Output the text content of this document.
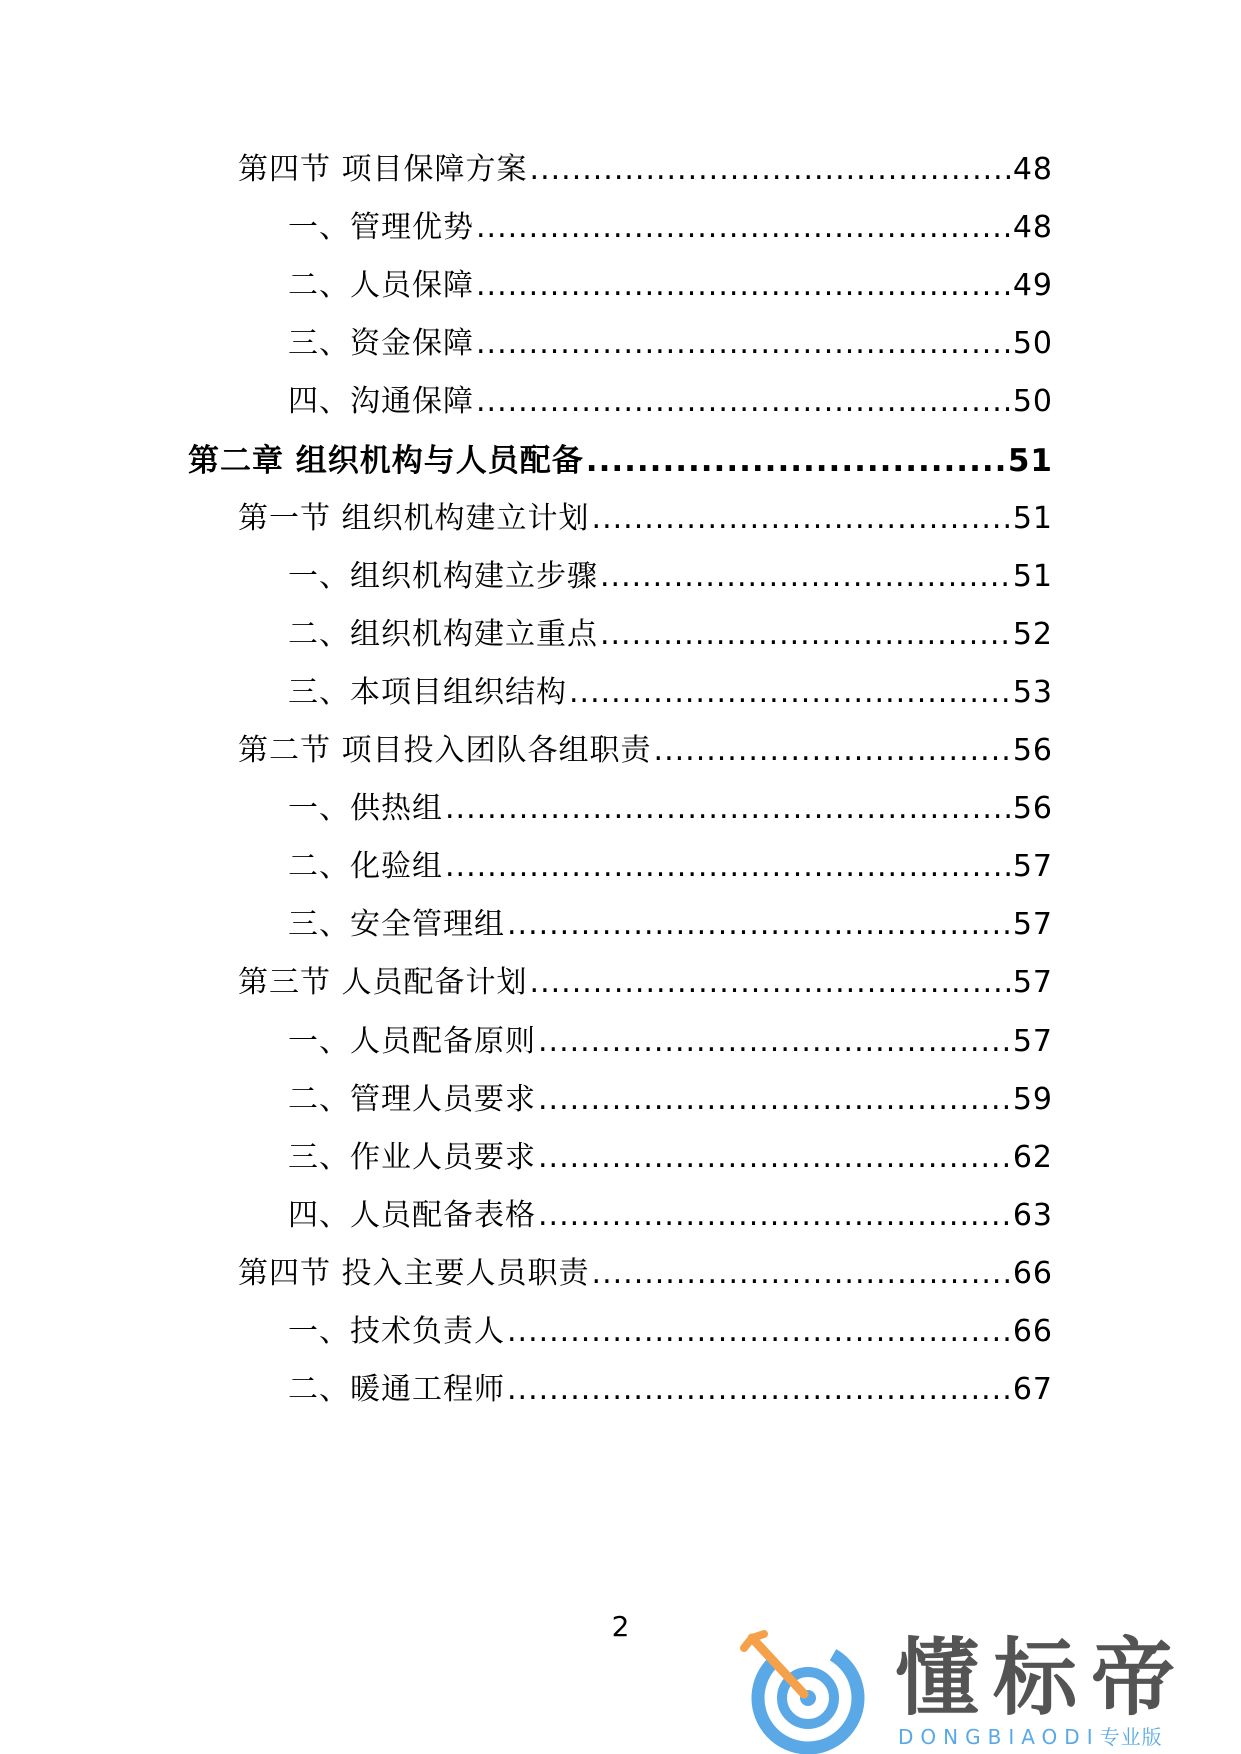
第四节 项目保障方案 .....	48
一、管理优势 .....	48
二、人员保障 .....	49
三、资金保障 .....	50
四、沟通保障 .....	50
第二章 组织机构与人员配备 .....	51
第一节 组织机构建立计划 .....	51
一、组织机构建立步骤 .....	51
二、组织机构建立重点 .....	52
三、本项目组织结构 .....	53
第二节 项目投入团队各组职责 .....	56
一、供热组 .....	56
二、化验组 .....	57
三、安全管理组 .....	57
第三节 人员配备计划 .....	57
一、人员配备原则 .....	57
二、管理人员要求 .....	59
三、作业人员要求 .....	62
四、人员配备表格 .....	63
第四节 投入主要人员职责 .....	66
一、技术负责人 .....	66
二、暖通工程师 .....	67
2
懂标帝
DONGBIAODI专业版
